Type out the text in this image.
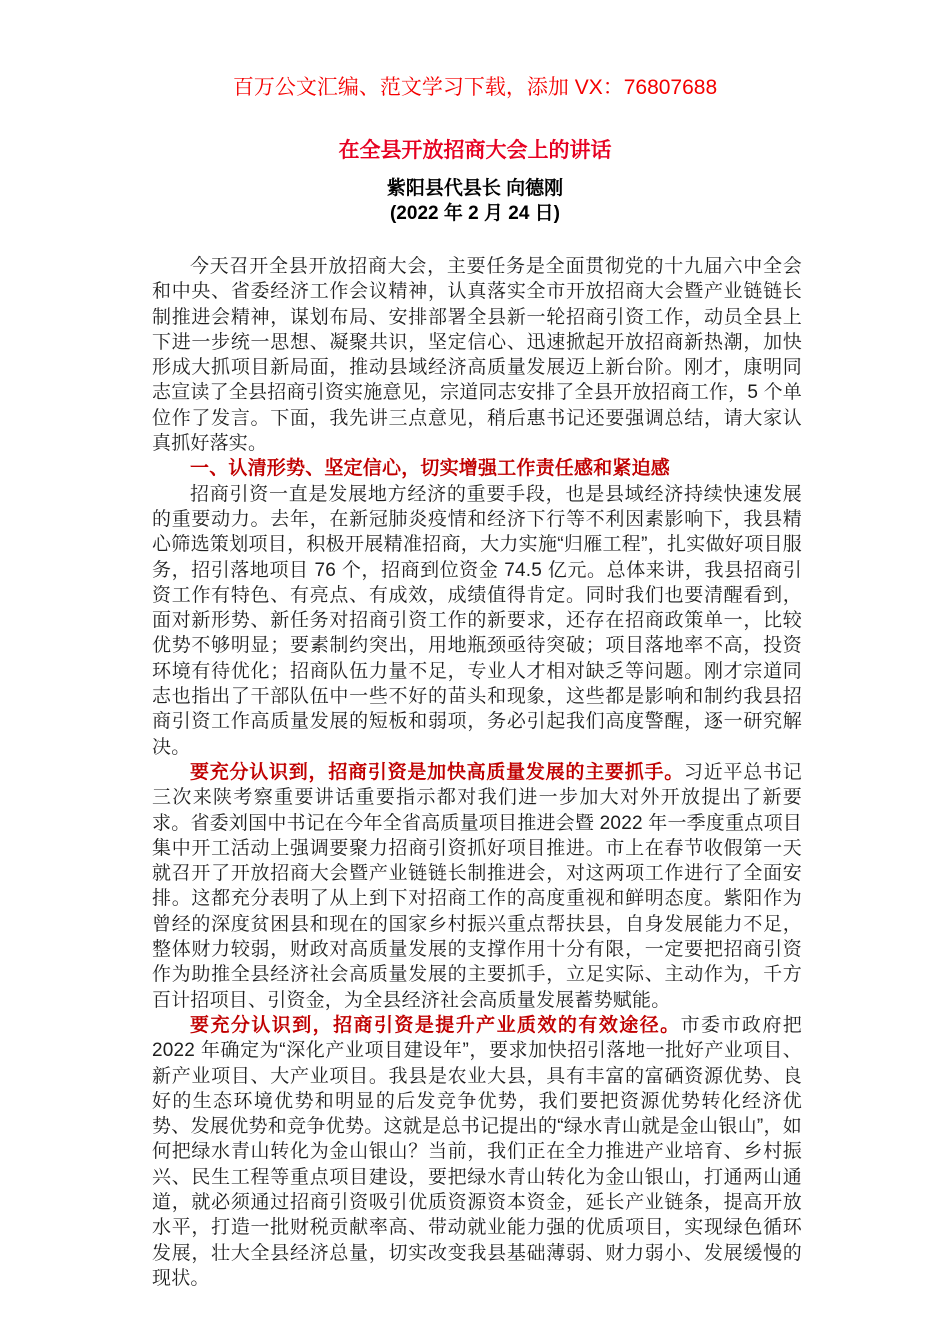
百万公文汇编、范文学习下载，添加 VX：76807688
在全县开放招商大会上的讲话
紫阳县代县长 向德刚
(2022 年 2 月 24 日)

今天召开全县开放招商大会，主要任务是全面贯彻党的十九届六中全会和中央、省委经济工作会议精神，认真落实全市开放招商大会暨产业链链长制推进会精神，谋划布局、安排部署全县新一轮招商引资工作，动员全县上下进一步统一思想、凝聚共识，坚定信心、迅速掀起开放招商新热潮，加快形成大抓项目新局面，推动县域经济高质量发展迈上新台阶。刚才，康明同志宣读了全县招商引资实施意见，宗道同志安排了全县开放招商工作，5 个单位作了发言。下面，我先讲三点意见，稍后惠书记还要强调总结，请大家认真抓好落实。

一、认清形势、坚定信心，切实增强工作责任感和紧迫感

招商引资一直是发展地方经济的重要手段，也是县域经济持续快速发展的重要动力。去年，在新冠肺炎疫情和经济下行等不利因素影响下，我县精心筛选策划项目，积极开展精准招商，大力实施“归雁工程”，扎实做好项目服务，招引落地项目 76 个，招商到位资金 74.5 亿元。总体来讲，我县招商引资工作有特色、有亮点、有成效，成绩值得肯定。同时我们也要清醒看到，面对新形势、新任务对招商引资工作的新要求，还存在招商政策单一，比较优势不够明显；要素制约突出，用地瓶颈亟待突破；项目落地率不高，投资环境有待优化；招商队伍力量不足，专业人才相对缺乏等问题。刚才宗道同志也指出了干部队伍中一些不好的苗头和现象，这些都是影响和制约我县招商引资工作高质量发展的短板和弱项，务必引起我们高度警醒，逐一研究解决。

要充分认识到，招商引资是加快高质量发展的主要抓手。习近平总书记三次来陕考察重要讲话重要指示都对我们进一步加大对外开放提出了新要求。省委刘国中书记在今年全省高质量项目推进会暨 2022 年一季度重点项目集中开工活动上强调要聚力招商引资抓好项目推进。市上在春节收假第一天就召开了开放招商大会暨产业链链长制推进会，对这两项工作进行了全面安排。这都充分表明了从上到下对招商工作的高度重视和鲜明态度。紫阳作为曾经的深度贫困县和现在的国家乡村振兴重点帮扶县，自身发展能力不足，整体财力较弱，财政对高质量发展的支撑作用十分有限，一定要把招商引资作为助推全县经济社会高质量发展的主要抓手，立足实际、主动作为，千方百计招项目、引资金，为全县经济社会高质量发展蓄势赋能。

要充分认识到，招商引资是提升产业质效的有效途径。市委市政府把 2022 年确定为“深化产业项目建设年”，要求加快招引落地一批好产业项目、新产业项目、大产业项目。我县是农业大县，具有丰富的富硒资源优势、良好的生态环境优势和明显的后发竞争优势，我们要把资源优势转化经济优势、发展优势和竞争优势。这就是总书记提出的“绿水青山就是金山银山”，如何把绿水青山转化为金山银山？当前，我们正在全力推进产业培育、乡村振兴、民生工程等重点项目建设，要把绿水青山转化为金山银山，打通两山通道，就必须通过招商引资吸引优质资源资本资金，延长产业链条，提高开放水平，打造一批财税贡献率高、带动就业能力强的优质项目，实现绿色循环发展，壮大全县经济总量，切实改变我县基础薄弱、财力弱小、发展缓慢的现状。
